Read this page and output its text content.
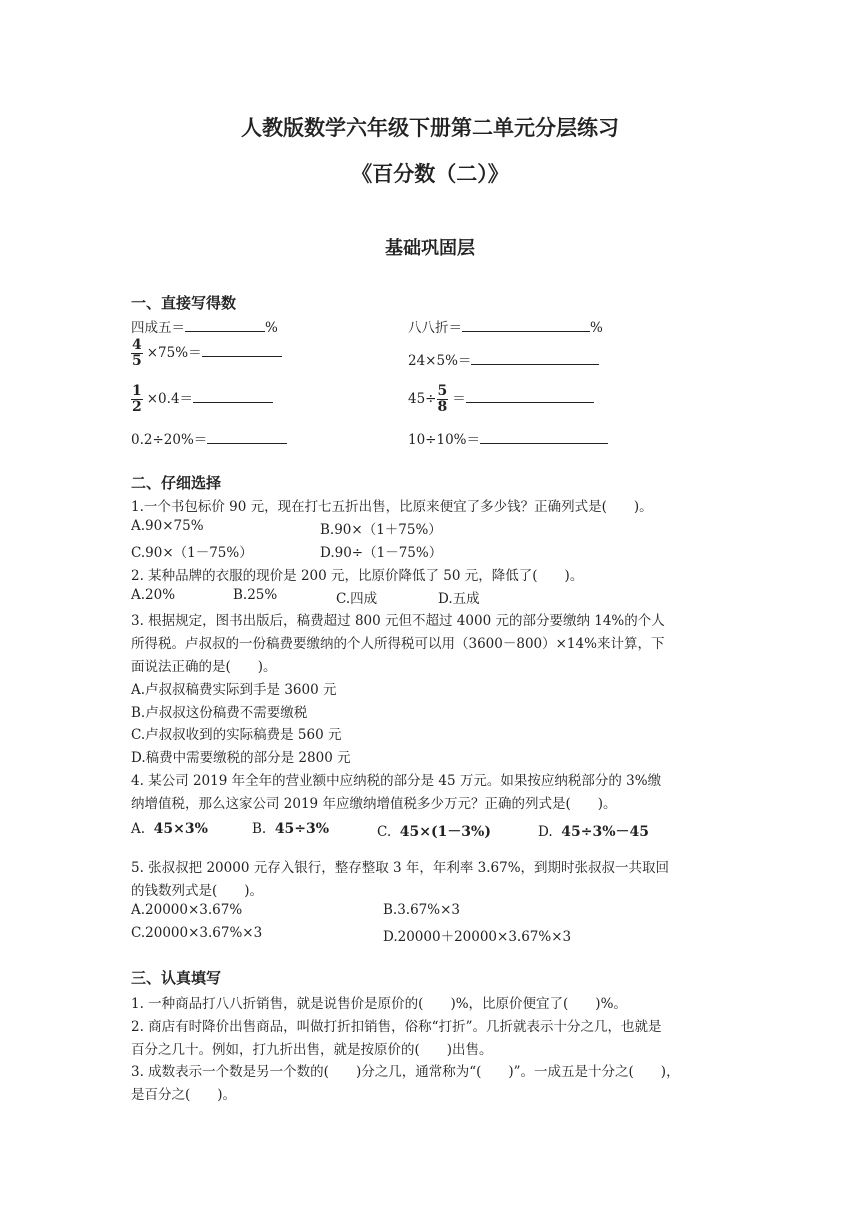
人教版数学六年级下册第二单元分层练习
《百分数（二）》
基础巩固层
一、直接写得数
四成五＝	%	八八折＝	%
$\frac{4}{5} \times 75\%=$	24×5%＝
$\frac{1}{2} \times 0.4=$	$45\div \frac{5}{8}$ ＝
0.2÷20%＝	10÷10%＝
二、仔细选择
1.一个书包标价 90 元，现在打七五折出售，比原来便宜了多少钱？正确列式是(　　)。
A.90×75%	B.90×（1＋75%）
C.90×（1－75%）	D.90÷（1－75%）
2. 某种品牌的衣服的现价是 200 元，比原价降低了 50 元，降低了(　　)。
A.20%	B.25%	C.四成	D.五成
3. 根据规定，图书出版后，稿费超过 800 元但不超过 4000 元的部分要缴纳 14%的个人
所得税。卢叔叔的一份稿费要缴纳的个人所得税可以用（3600－800）×14%来计算，下
面说法正确的是(　　)。
A.卢叔叔稿费实际到手是 3600 元
B.卢叔叔这份稿费不需要缴税
C.卢叔叔收到的实际稿费是 560 元
D.稿费中需要缴税的部分是 2800 元
4. 某公司 2019 年全年的营业额中应纳税的部分是 45 万元。如果按应纳税部分的 3%缴
纳增值税，那么这家公司 2019 年应缴纳增值税多少万元？正确的列式是(　　)。
A. 45×3%	B. 45÷3%	C. 45×(1－3%)	D. 45÷3%－45
5. 张叔叔把 20000 元存入银行，整存整取 3 年，年利率 3.67%，到期时张叔叔一共取回
的钱数列式是(　　)。
A.20000×3.67%	B.3.67%×3
C.20000×3.67%×3	D.20000＋20000×3.67%×3
三、认真填写
1. 一种商品打八八折销售，就是说售价是原价的(　　)%，比原价便宜了(　　)%。
2. 商店有时降价出售商品，叫做打折扣销售，俗称“打折”。几折就表示十分之几，也就是
百分之几十。例如，打九折出售，就是按原价的(　　)出售。
3. 成数表示一个数是另一个数的(　　)分之几，通常称为“(　　)”。一成五是十分之(　　)，
是百分之(　　)。
